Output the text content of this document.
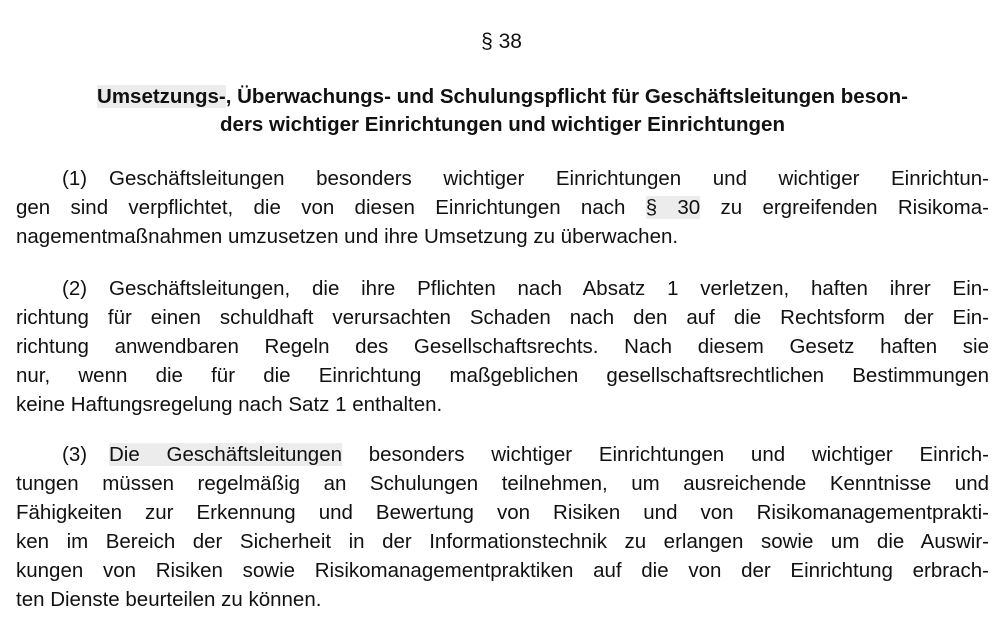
§ 38
Umsetzungs-, Überwachungs- und Schulungspflicht für Geschäftsleitungen beson-
ders wichtiger Einrichtungen und wichtiger Einrichtungen
(1) Geschäftsleitungen besonders wichtiger Einrichtungen und wichtiger Einrichtun-
gen sind verpflichtet, die von diesen Einrichtungen nach § 30 zu ergreifenden Risikoma-
nagementmaßnahmen umzusetzen und ihre Umsetzung zu überwachen.
(2) Geschäftsleitungen, die ihre Pflichten nach Absatz 1 verletzen, haften ihrer Ein-
richtung für einen schuldhaft verursachten Schaden nach den auf die Rechtsform der Ein-
richtung anwendbaren Regeln des Gesellschaftsrechts. Nach diesem Gesetz haften sie
nur, wenn die für die Einrichtung maßgeblichen gesellschaftsrechtlichen Bestimmungen
keine Haftungsregelung nach Satz 1 enthalten.
(3) Die Geschäftsleitungen besonders wichtiger Einrichtungen und wichtiger Einrich-
tungen müssen regelmäßig an Schulungen teilnehmen, um ausreichende Kenntnisse und
Fähigkeiten zur Erkennung und Bewertung von Risiken und von Risikomanagementprakti-
ken im Bereich der Sicherheit in der Informationstechnik zu erlangen sowie um die Auswir-
kungen von Risiken sowie Risikomanagementpraktiken auf die von der Einrichtung erbrach-
ten Dienste beurteilen zu können.
